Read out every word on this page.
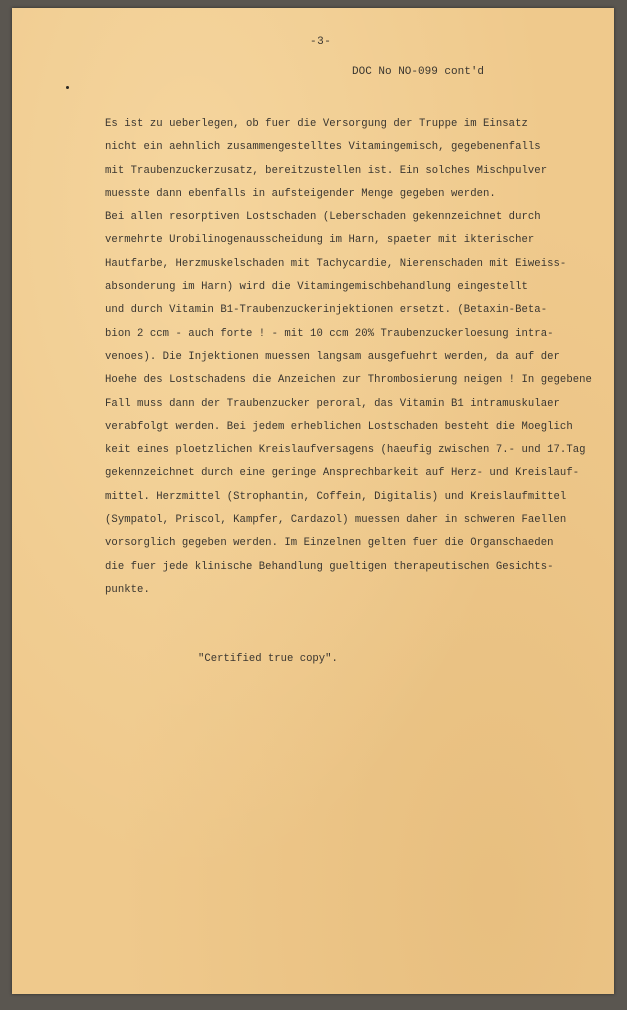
-3-
DOC No NO-099 cont'd
Es ist zu ueberlegen, ob fuer die Versorgung der Truppe im Einsatz
nicht ein aehnlich zusammengestelltes Vitamingemisch, gegebenenfalls
mit Traubenzuckerzusatz, bereitzustellen ist. Ein solches Mischpulver
muesste dann ebenfalls in aufsteigender Menge gegeben werden.
Bei allen resorptiven Lostschaden (Leberschaden gekennzeichnet durch
vermehrte Urobilinogenausscheidung im Harn, spaeter mit ikterischer
Hautfarbe, Herzmuskelschaden mit Tachycardie, Nierenschaden mit Eiweiss-
absonderung im Harn) wird die Vitamingemischbehandlung eingestellt
und durch Vitamin B1-Traubenzuckerinjektionen ersetzt. (Betaxin-Beta-
bion 2 ccm - auch forte ! - mit 10 ccm 20% Traubenzuckerloesung intra-
venoes). Die Injektionen muessen langsam ausgefuehrt werden, da auf der
Hoehe des Lostschadens die Anzeichen zur Thrombosierung neigen ! In gegebene
Fall muss dann der Traubenzucker peroral, das Vitamin B1 intramuskulaer
verabfolgt werden. Bei jedem erheblichen Lostschaden besteht die Moeglich
keit eines ploetzlichen Kreislaufversagens (haeufig zwischen 7.- und 17.Tag
gekennzeichnet durch eine geringe Ansprechbarkeit auf Herz- und Kreislauf-
mittel. Herzmittel (Strophantin, Coffein, Digitalis) und Kreislaufmittel
(Sympatol, Priscol, Kampfer, Cardazol) muessen daher in schweren Faellen
vorsorglich gegeben werden. Im Einzelnen gelten fuer die Organschaeden
die fuer jede klinische Behandlung gueltigen therapeutischen Gesichts-
punkte.
"Certified true copy".
